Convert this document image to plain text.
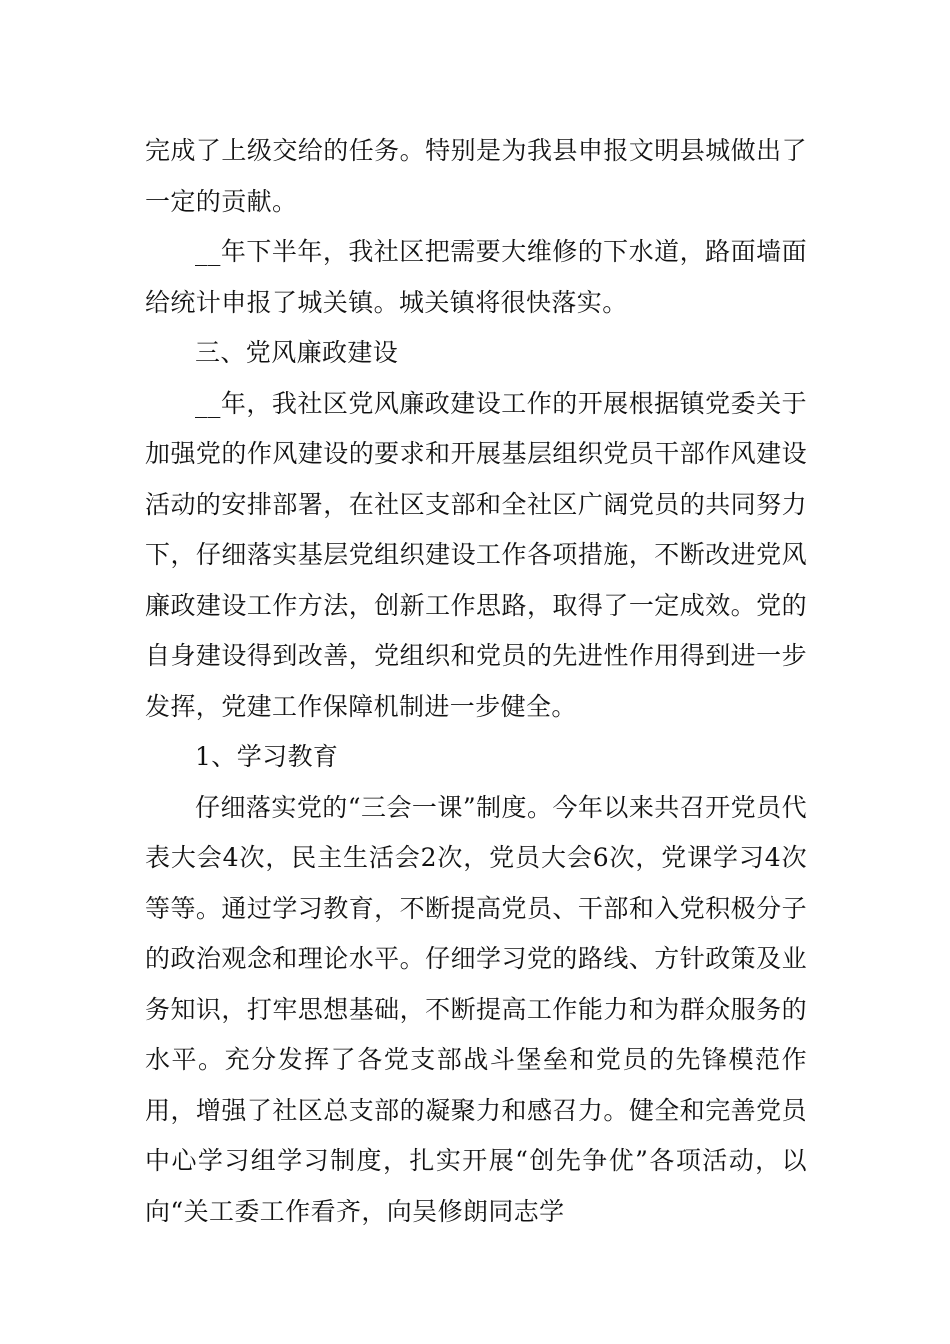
完成了上级交给的任务。特别是为我县申报文明县城做出了一定的贡献。

__年下半年，我社区把需要大维修的下水道，路面墙面给统计申报了城关镇。城关镇将很快落实。

三、党风廉政建设

__年，我社区党风廉政建设工作的开展根据镇党委关于加强党的作风建设的要求和开展基层组织党员干部作风建设活动的安排部署，在社区支部和全社区广阔党员的共同努力下，仔细落实基层党组织建设工作各项措施，不断改进党风廉政建设工作方法，创新工作思路，取得了一定成效。党的自身建设得到改善，党组织和党员的先进性作用得到进一步发挥，党建工作保障机制进一步健全。

1、学习教育

仔细落实党的“三会一课”制度。今年以来共召开党员代表大会4次，民主生活会2次，党员大会6次，党课学习4次等等。通过学习教育，不断提高党员、干部和入党积极分子的政治观念和理论水平。仔细学习党的路线、方针政策及业务知识，打牢思想基础，不断提高工作能力和为群众服务的水平。充分发挥了各党支部战斗堡垒和党员的先锋模范作用，增强了社区总支部的凝聚力和感召力。健全和完善党员中心学习组学习制度，扎实开展“创先争优”各项活动，以向“关工委工作看齐，向吴修朗同志学
